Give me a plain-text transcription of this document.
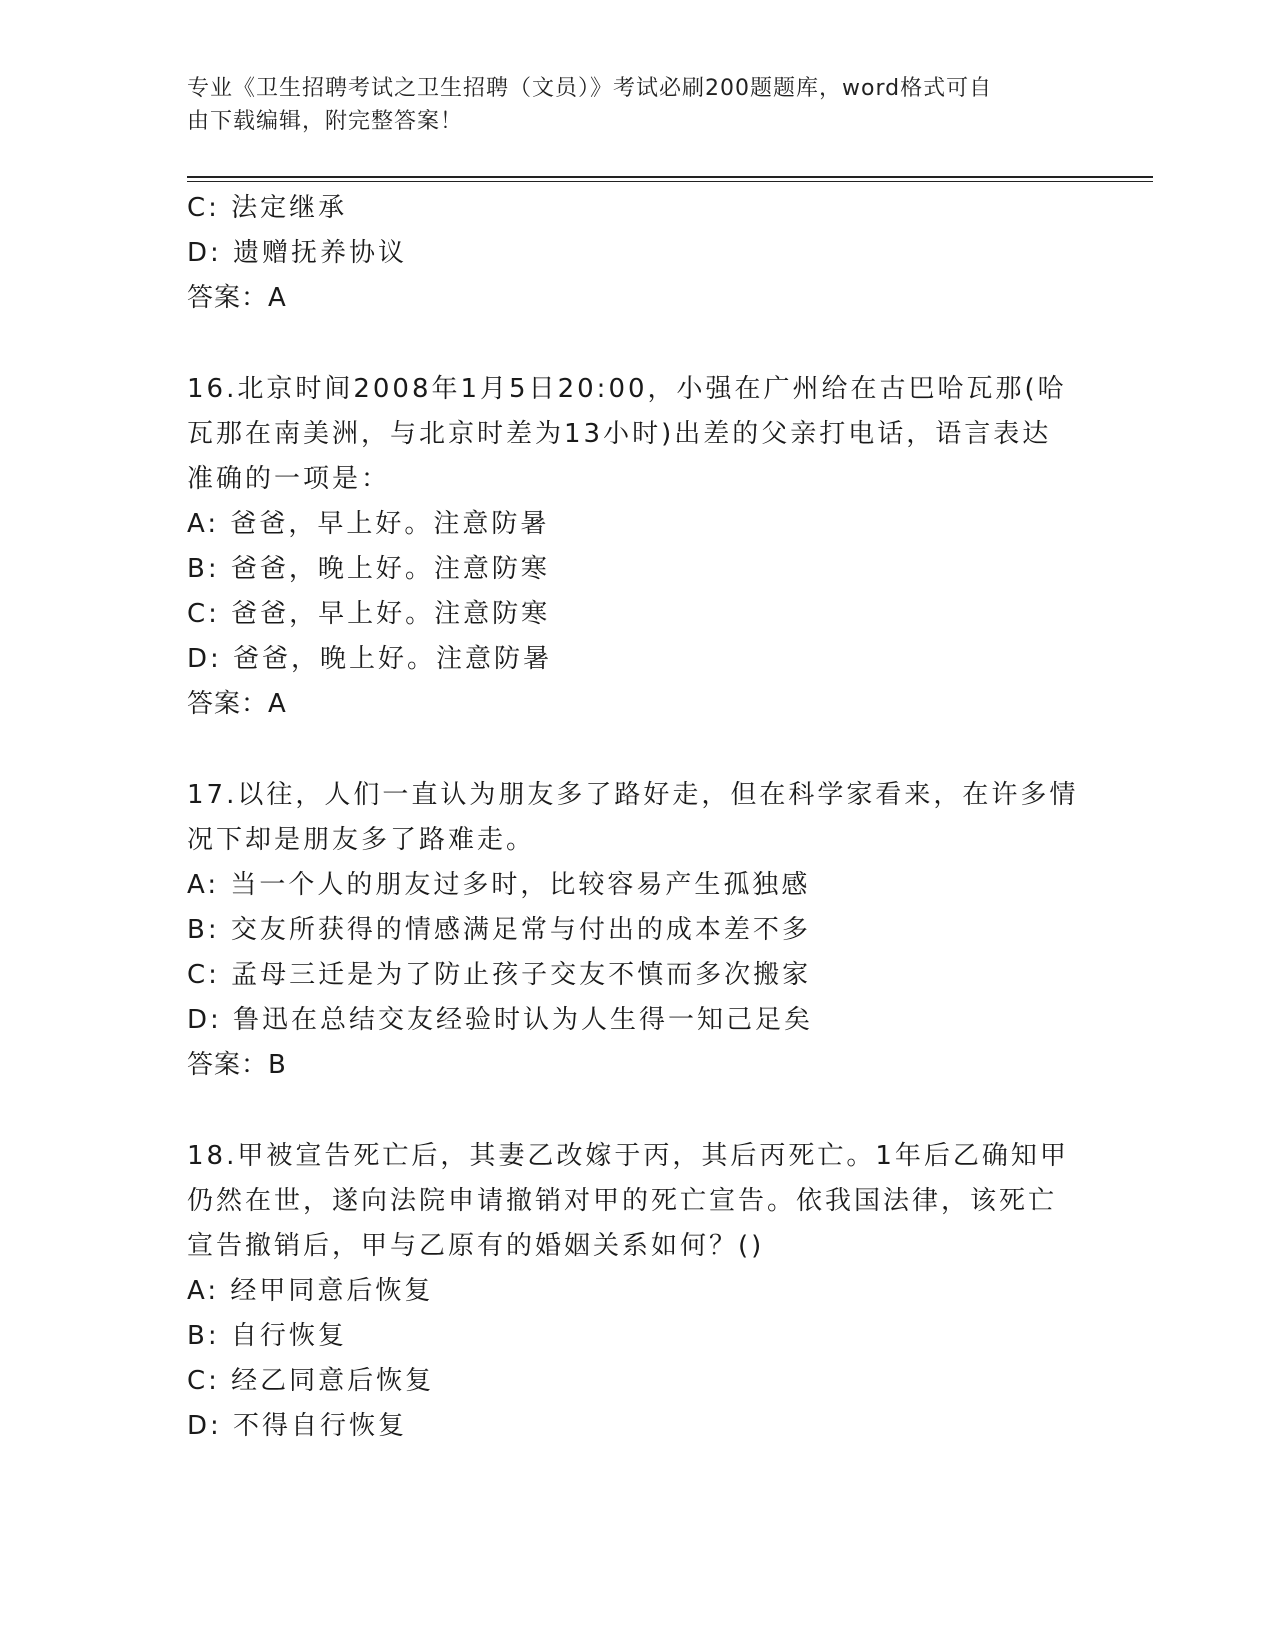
专业《卫生招聘考试之卫生招聘（文员）》考试必刷200题题库，word格式可自
由下载编辑，附完整答案！
C: 法定继承
D: 遗赠抚养协议
答案：A
16.北京时间2008年1月5日20:00，小强在广州给在古巴哈瓦那(哈
瓦那在南美洲，与北京时差为13小时)出差的父亲打电话，语言表达
准确的一项是：
A: 爸爸，早上好。注意防暑
B: 爸爸，晚上好。注意防寒
C: 爸爸，早上好。注意防寒
D: 爸爸，晚上好。注意防暑
答案：A
17.以往，人们一直认为朋友多了路好走，但在科学家看来，在许多情
况下却是朋友多了路难走。
A: 当一个人的朋友过多时，比较容易产生孤独感
B: 交友所获得的情感满足常与付出的成本差不多
C: 孟母三迁是为了防止孩子交友不慎而多次搬家
D: 鲁迅在总结交友经验时认为人生得一知己足矣
答案：B
18.甲被宣告死亡后，其妻乙改嫁于丙，其后丙死亡。1年后乙确知甲
仍然在世，遂向法院申请撤销对甲的死亡宣告。依我国法律，该死亡
宣告撤销后，甲与乙原有的婚姻关系如何？()
A: 经甲同意后恢复
B: 自行恢复
C: 经乙同意后恢复
D: 不得自行恢复
